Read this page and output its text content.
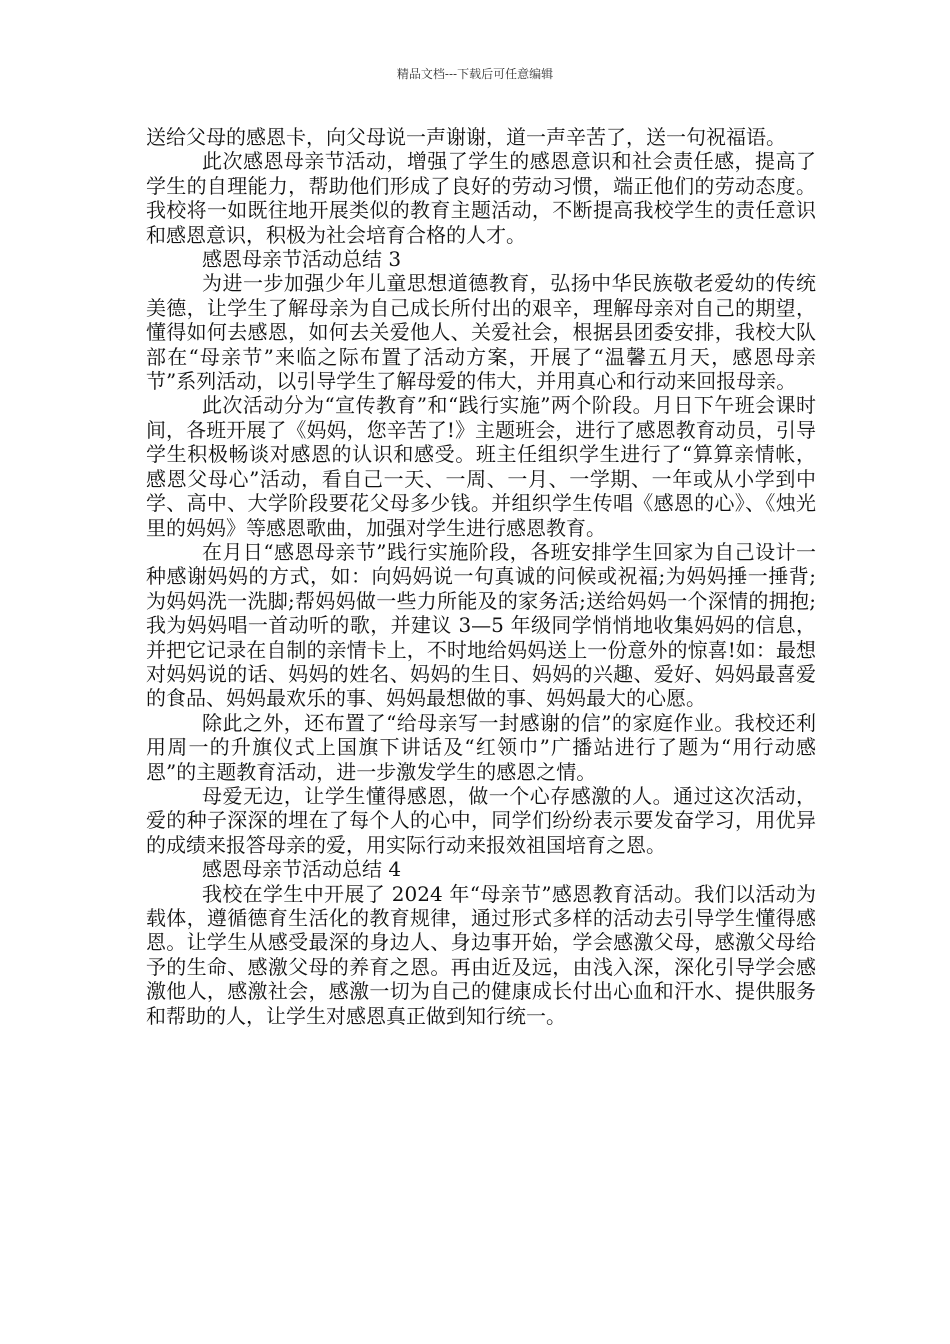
精品文档---下载后可任意编辑

送给父母的感恩卡，向父母说一声谢谢，道一声辛苦了，送一句祝福语。

此次感恩母亲节活动，增强了学生的感恩意识和社会责任感，提高了学生的自理能力，帮助他们形成了良好的劳动习惯，端正他们的劳动态度。我校将一如既往地开展类似的教育主题活动，不断提高我校学生的责任意识和感恩意识，积极为社会培育合格的人才。

感恩母亲节活动总结 3

为进一步加强少年儿童思想道德教育，弘扬中华民族敬老爱幼的传统美德，让学生了解母亲为自己成长所付出的艰辛，理解母亲对自己的期望，懂得如何去感恩，如何去关爱他人、关爱社会，根据县团委安排，我校大队部在“母亲节”来临之际布置了活动方案，开展了“温馨五月天，感恩母亲节”系列活动，以引导学生了解母爱的伟大，并用真心和行动来回报母亲。

此次活动分为“宣传教育”和“践行实施”两个阶段。月日下午班会课时间，各班开展了《妈妈，您辛苦了!》主题班会，进行了感恩教育动员，引导学生积极畅谈对感恩的认识和感受。班主任组织学生进行了“算算亲情帐，感恩父母心”活动，看自己一天、一周、一月、一学期、一年或从小学到中学、高中、大学阶段要花父母多少钱。并组织学生传唱《感恩的心》、《烛光里的妈妈》等感恩歌曲，加强对学生进行感恩教育。

在月日“感恩母亲节”践行实施阶段，各班安排学生回家为自己设计一种感谢妈妈的方式，如：向妈妈说一句真诚的问候或祝福;为妈妈捶一捶背;为妈妈洗一洗脚;帮妈妈做一些力所能及的家务活;送给妈妈一个深情的拥抱;我为妈妈唱一首动听的歌，并建议 3—5 年级同学悄悄地收集妈妈的信息，并把它记录在自制的亲情卡上，不时地给妈妈送上一份意外的惊喜!如：最想对妈妈说的话、妈妈的姓名、妈妈的生日、妈妈的兴趣、爱好、妈妈最喜爱的食品、妈妈最欢乐的事、妈妈最想做的事、妈妈最大的心愿。

除此之外，还布置了“给母亲写一封感谢的信”的家庭作业。我校还利用周一的升旗仪式上国旗下讲话及“红领巾”广播站进行了题为“用行动感恩”的主题教育活动，进一步激发学生的感恩之情。

母爱无边，让学生懂得感恩，做一个心存感激的人。通过这次活动，爱的种子深深的埋在了每个人的心中，同学们纷纷表示要发奋学习，用优异的成绩来报答母亲的爱，用实际行动来报效祖国培育之恩。

感恩母亲节活动总结 4

我校在学生中开展了 2024 年“母亲节”感恩教育活动。我们以活动为载体，遵循德育生活化的教育规律，通过形式多样的活动去引导学生懂得感恩。让学生从感受最深的身边人、身边事开始，学会感激父母，感激父母给予的生命、感激父母的养育之恩。再由近及远，由浅入深，深化引导学会感激他人，感激社会，感激一切为自己的健康成长付出心血和汗水、提供服务和帮助的人，让学生对感恩真正做到知行统一。
